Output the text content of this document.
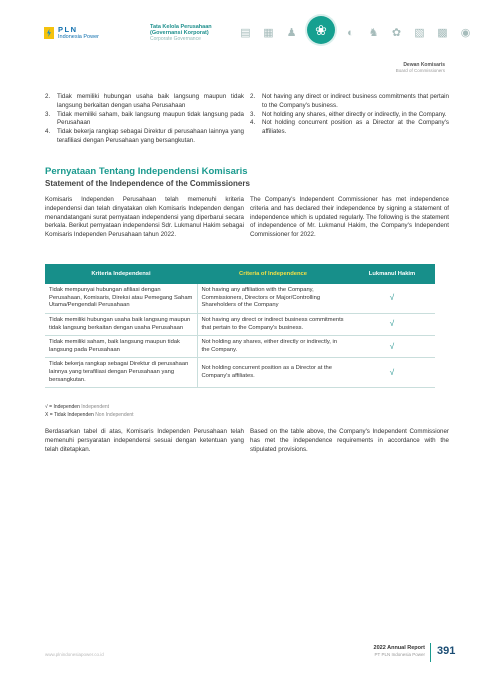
PLN
Indonesia Power
Tata Kelola Perusahaan
(Governansi Korporat)
Corporate Governance
▤ ▦ ♟	❀	◐	♞ ✿ ▧ ▩ ◉
Dewan Komisaris
Board of Commissioners
2.	Tidak memiliki hubungan usaha baik langsung maupun tidak langsung berkaitan dengan usaha Perusahaan
3.	Tidak memiliki saham, baik langsung maupun tidak langsung pada Perusahaan
4.	Tidak bekerja rangkap sebagai Direktur di perusahaan lainnya yang terafiliasi dengan Perusahaan yang bersangkutan.
2.	Not having any direct or indirect business commitments that pertain to the Company's business.
3.	Not holding any shares, either directly or indirectly, in the Company.
4.	Not holding concurrent position as a Director at the Company's affiliates.
Pernyataan Tentang Independensi Komisaris
Statement of the Independence of the Commissioners
Komisaris Independen Perusahaan telah memenuhi kriteria independensi dan telah dinyatakan oleh Komisaris Independen dengan menandatangani surat pernyataan independensi yang diperbarui secara berkala. Berikut pernyataan independensi Sdr. Lukmanul Hakim sebagai Komisaris Independen Perusahaan tahun 2022.
The Company's Independent Commissioner has met independence criteria and has declared their independence by signing a statement of independence which is updated regularly. The following is the statement of independence of Mr. Lukmanul Hakim, the Company's Independent Commissioner for 2022.
Kriteria Independensi	Criteria of Independence	Lukmanul Hakim
Tidak mempunyai hubungan afiliasi dengan Perusahaan, Komisaris, Direksi atau Pemegang Saham Utama/Pengendali Perusahaan	Not having any affiliation with the Company, Commissioners, Directors or Major/Controlling Shareholders of the Company	√
Tidak memiliki hubungan usaha baik langsung maupun tidak langsung berkaitan dengan usaha Perusahaan	Not having any direct or indirect business commitments that pertain to the Company's business.	√
Tidak memiliki saham, baik langsung maupun tidak langsung pada Perusahaan	Not holding any shares, either directly or indirectly, in the Company.	√
Tidak bekerja rangkap sebagai Direktur di perusahaan lainnya yang terafiliasi dengan Perusahaan yang bersangkutan.	Not holding concurrent position as a Director at the Company's affiliates.	√
√ = Independen Independent
X = Tidak Independen Non Independent
Berdasarkan tabel di atas, Komisaris Independen Perusahaan telah memenuhi persyaratan independensi sesuai dengan ketentuan yang telah ditetapkan.
Based on the table above, the Company's Independent Commissioner has met the independence requirements in accordance with the stipulated provisions.
www.plnindonesiapower.co.id
2022 Annual Report
PT PLN Indonesia Power 391
